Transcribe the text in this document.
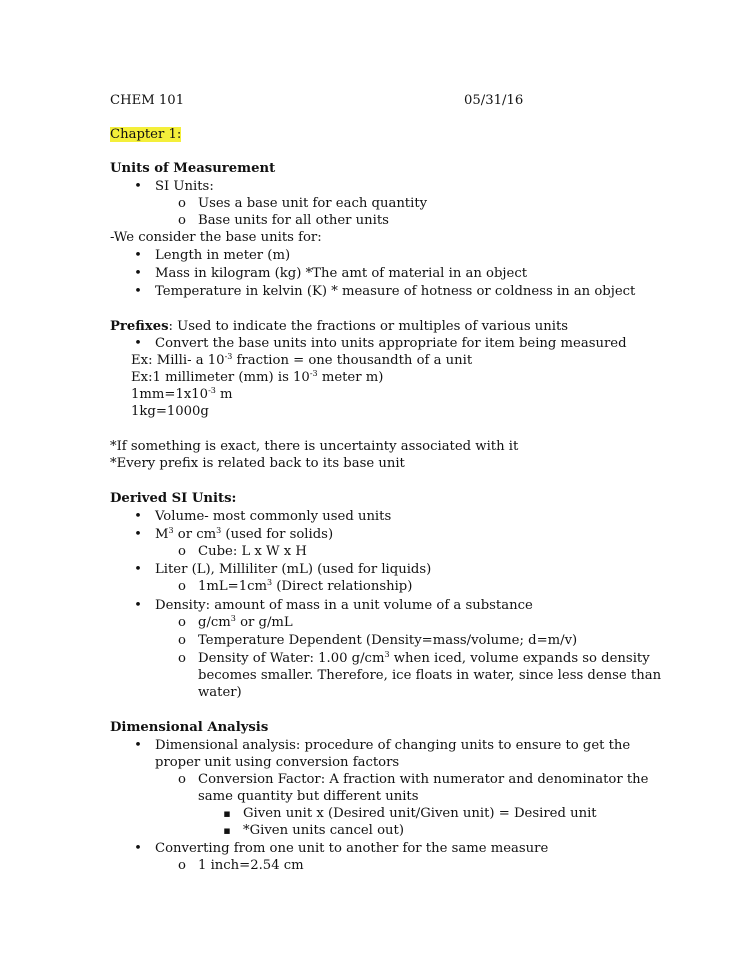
CHEM 101	05/31/16
Chapter 1:
Units of Measurement
• SI Units:
o Uses a base unit for each quantity
o Base units for all other units
-We consider the base units for:
• Length in meter (m)
• Mass in kilogram (kg) *The amt of material in an object
• Temperature in kelvin (K) * measure of hotness or coldness in an object
Prefixes: Used to indicate the fractions or multiples of various units
• Convert the base units into units appropriate for item being measured
Ex: Milli- a $10^{-3}$ fraction = one thousandth of a unit
Ex:1 millimeter (mm) is $10^{-3}$ meter m)
$1mm=1x10^{-3}$ m
1kg=1000g
*If something is exact, there is uncertainty associated with it
*Every prefix is related back to its base unit
Derived SI Units:
• Volume- most commonly used units
• $M^3$ or $cm^3$ (used for solids)
o Cube: L x W x H
• Liter (L), Milliliter (mL) (used for liquids)
o $1mL=1cm^3$ (Direct relationship)
• Density: amount of mass in a unit volume of a substance
o $g/cm^3$ or g/mL
o Temperature Dependent (Density=mass/volume; d=m/v)
o Density of Water: 1.00 $g/cm^3$ when iced, volume expands so density
becomes smaller. Therefore, ice floats in water, since less dense than
water)
Dimensional Analysis
• Dimensional analysis: procedure of changing units to ensure to get the
proper unit using conversion factors
o Conversion Factor: A fraction with numerator and denominator the
same quantity but different units
▪ Given unit x (Desired unit/Given unit) = Desired unit
▪ *Given units cancel out)
• Converting from one unit to another for the same measure
o 1 inch=2.54 cm
